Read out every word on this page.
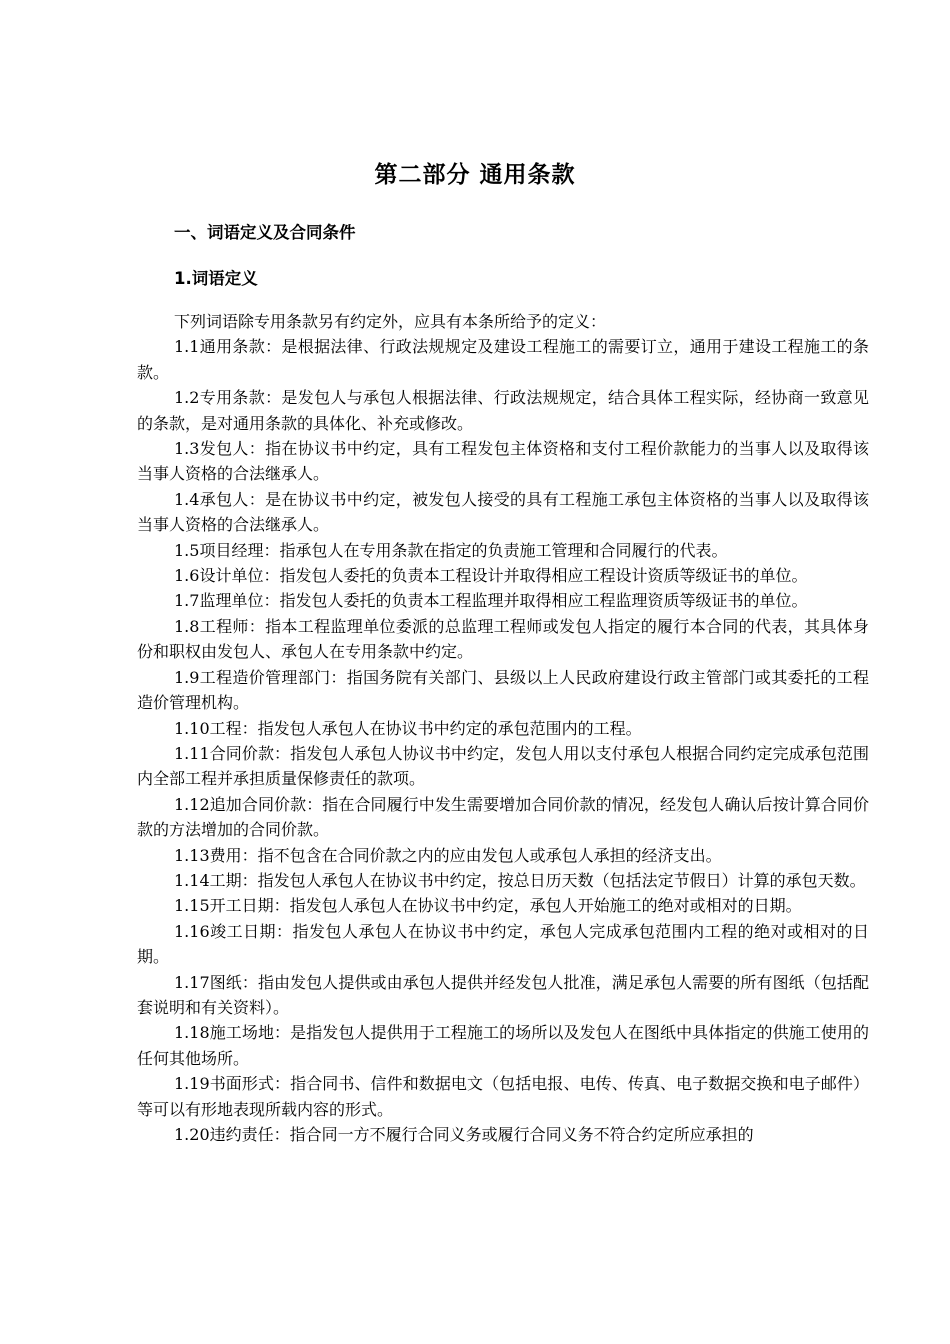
第二部分 通用条款
一、词语定义及合同条件
1.词语定义

下列词语除专用条款另有约定外，应具有本条所给予的定义：

1.1通用条款：是根据法律、行政法规规定及建设工程施工的需要订立，通用于建设工程施工的条款。

1.2专用条款：是发包人与承包人根据法律、行政法规规定，结合具体工程实际，经协商一致意见的条款，是对通用条款的具体化、补充或修改。

1.3发包人：指在协议书中约定，具有工程发包主体资格和支付工程价款能力的当事人以及取得该当事人资格的合法继承人。

1.4承包人：是在协议书中约定，被发包人接受的具有工程施工承包主体资格的当事人以及取得该当事人资格的合法继承人。

1.5项目经理：指承包人在专用条款在指定的负责施工管理和合同履行的代表。

1.6设计单位：指发包人委托的负责本工程设计并取得相应工程设计资质等级证书的单位。

1.7监理单位：指发包人委托的负责本工程监理并取得相应工程监理资质等级证书的单位。

1.8工程师：指本工程监理单位委派的总监理工程师或发包人指定的履行本合同的代表，其具体身份和职权由发包人、承包人在专用条款中约定。

1.9工程造价管理部门：指国务院有关部门、县级以上人民政府建设行政主管部门或其委托的工程造价管理机构。

1.10工程：指发包人承包人在协议书中约定的承包范围内的工程。

1.11合同价款：指发包人承包人协议书中约定，发包人用以支付承包人根据合同约定完成承包范围内全部工程并承担质量保修责任的款项。

1.12追加合同价款：指在合同履行中发生需要增加合同价款的情况，经发包人确认后按计算合同价款的方法增加的合同价款。

1.13费用：指不包含在合同价款之内的应由发包人或承包人承担的经济支出。

1.14工期：指发包人承包人在协议书中约定，按总日历天数（包括法定节假日）计算的承包天数。

1.15开工日期：指发包人承包人在协议书中约定，承包人开始施工的绝对或相对的日期。

1.16竣工日期：指发包人承包人在协议书中约定，承包人完成承包范围内工程的绝对或相对的日期。

1.17图纸：指由发包人提供或由承包人提供并经发包人批准，满足承包人需要的所有图纸（包括配套说明和有关资料）。

1.18施工场地：是指发包人提供用于工程施工的场所以及发包人在图纸中具体指定的供施工使用的任何其他场所。

1.19书面形式：指合同书、信件和数据电文（包括电报、电传、传真、电子数据交换和电子邮件）等可以有形地表现所载内容的形式。

1.20违约责任：指合同一方不履行合同义务或履行合同义务不符合约定所应承担的
